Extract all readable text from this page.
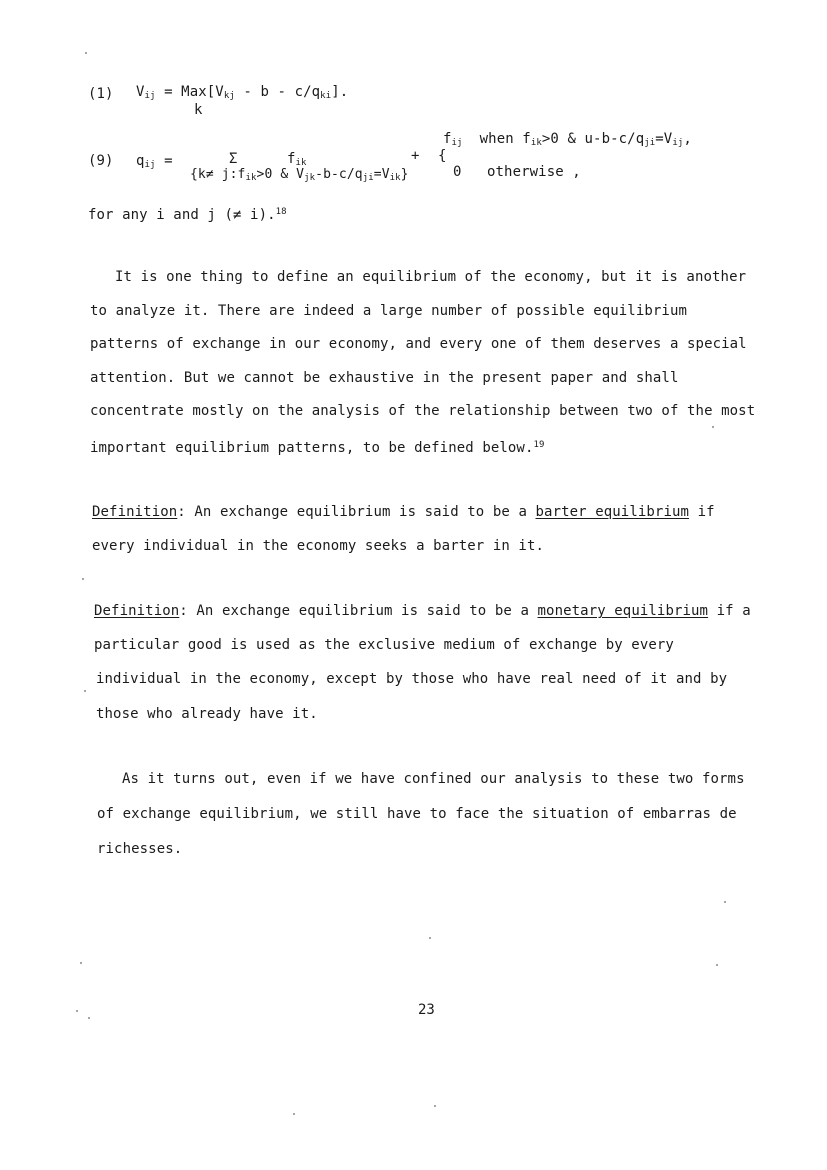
(1) $V_{ij} = Max[V_{kj} - b - c/q_{ki}]$.
k
$f_{ij}$ when $f_{ik}>0$ & $u-b-c/q_{ji}=V_{ij}$,
(9) $q_{ij}$ =	Σ	$f_{ik}$	+ {
{$k\ne j:f_{ik}>0$ & $V_{jk}-b-c/q_{ji}=V_{ik}$}	0 otherwise ,
for any i and j (≠ i).$^{18}$
It is one thing to define an equilibrium of the economy, but it is another
to analyze it. There are indeed a large number of possible equilibrium
patterns of exchange in our economy, and every one of them deserves a special
attention. But we cannot be exhaustive in the present paper and shall
concentrate mostly on the analysis of the relationship between two of the most
important equilibrium patterns, to be defined below.$^{19}$
Definition: An exchange equilibrium is said to be a barter equilibrium if
every individual in the economy seeks a barter in it.
Definition: An exchange equilibrium is said to be a monetary equilibrium if a
particular good is used as the exclusive medium of exchange by every
individual in the economy, except by those who have real need of it and by
those who already have it.
As it turns out, even if we have confined our analysis to these two forms
of exchange equilibrium, we still have to face the situation of embarras de
richesses.
23
